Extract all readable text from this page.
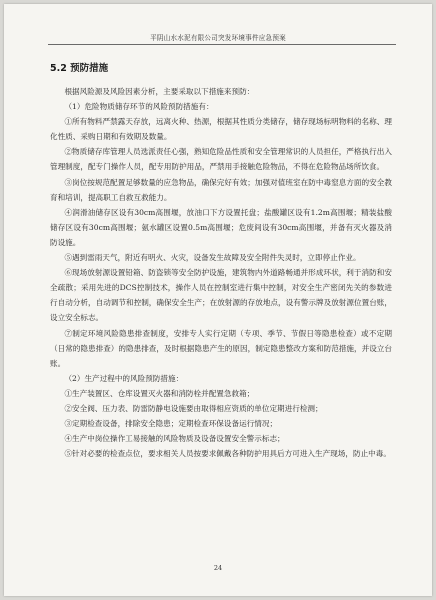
平阴山水水泥有限公司突发环境事件应急预案
5.2 预防措施

根据风险源及风险因素分析，主要采取以下措施来预防：

（1）危险物质储存环节的风险预防措施有：

①所有物料严禁露天存放，远离火种、热源，根据其性质分类储存，储存现场标明物料的名称、理化性质、采购日期和有效期及数量。

②物质储存库管理人员选派责任心强，熟知危险品性质和安全管理常识的人员担任，严格执行出入管理制度，配专门操作人员，配专用防护用品，严禁用手接触危险物品，不得在危险物品场所饮食。

③岗位按规范配置足够数量的应急物品，确保完好有效；加强对值班室在防中毒窒息方面的安全教育和培训，提高职工自救互救能力。

④润滑油储存区设有30cm高围堰，放油口下方设置托盘；盐酸罐区设有1.2m高围堰；精装盐酸储存区设有30cm高围堰；氨水罐区设置0.5m高围堰；危废间设有30cm高围堰，并备有灭火器及消防设施。

⑤遇到雷雨天气，附近有明火、火灾，设备发生故障及安全附件失灵时，立即停止作业。

⑥现场放射源设置铅箱、防盗锁等安全防护设施，建筑物内外道路畅通并形成环状，利于消防和安全疏散；采用先进的DCS控制技术，操作人员在控制室进行集中控制，对安全生产密闭先关的参数进行自动分析，自动调节和控制，确保安全生产；在放射源的存放地点，设有警示牌及放射源位置台账，设立安全标志。

⑦制定环境风险隐患排查制度，安排专人实行定期（专项、季节、节假日等隐患检查）或不定期（日常的隐患排查）的隐患排查，及时根据隐患产生的原因，制定隐患整改方案和防范措施，并设立台账。

（2）生产过程中的风险预防措施：

①生产装置区、仓库设置灭火器和消防栓并配置急救箱；

②安全阀、压力表、防雷防静电设施要由取得相应资质的单位定期进行检测；

③定期检查设备，排除安全隐患；定期检查环保设备运行情况；

④生产中岗位操作工易接触的风险物质及设备设置安全警示标志；

⑤针对必要的检查点位，要求相关人员按要求佩戴各种防护用具后方可进入生产现场，防止中毒。

24
